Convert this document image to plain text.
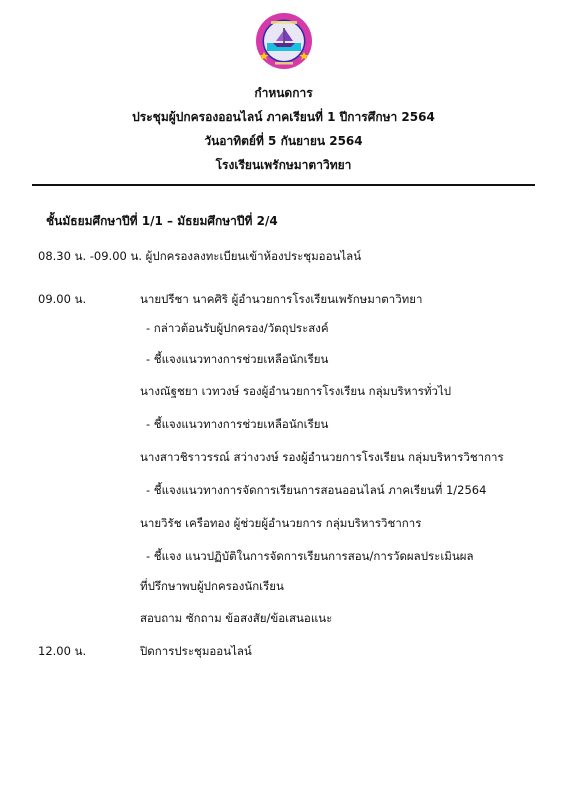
กำหนดการ
ประชุมผู้ปกครองออนไลน์ ภาคเรียนที่ 1 ปีการศึกษา 2564
วันอาทิตย์ที่ 5 กันยายน 2564
โรงเรียนเพรักษมาตาวิทยา
ชั้นมัธยมศึกษาปีที่ 1/1 – มัธยมศึกษาปีที่ 2/4
08.30 น. -09.00 น. ผู้ปกครองลงทะเบียนเข้าห้องประชุมออนไลน์
09.00 น.	นายปรีชา นาคศิริ ผู้อำนวยการโรงเรียนเพรักษมาตาวิทยา
- กล่าวต้อนรับผู้ปกครอง/วัตถุประสงค์
- ชี้แจงแนวทางการช่วยเหลือนักเรียน
นางณัฐชยา เวทวงษ์ รองผู้อำนวยการโรงเรียน กลุ่มบริหารทั่วไป
- ชี้แจงแนวทางการช่วยเหลือนักเรียน
นางสาวชิราวรรณ์ สว่างวงษ์ รองผู้อำนวยการโรงเรียน กลุ่มบริหารวิชาการ
- ชี้แจงแนวทางการจัดการเรียนการสอนออนไลน์ ภาคเรียนที่ 1/2564
นายวิรัช เครือทอง ผู้ช่วยผู้อำนวยการ กลุ่มบริหารวิชาการ
- ชี้แจง แนวปฏิบัติในการจัดการเรียนการสอน/การวัดผลประเมินผล
ที่ปรึกษาพบผู้ปกครองนักเรียน
สอบถาม ซักถาม ข้อสงสัย/ข้อเสนอแนะ
12.00 น.	ปิดการประชุมออนไลน์
